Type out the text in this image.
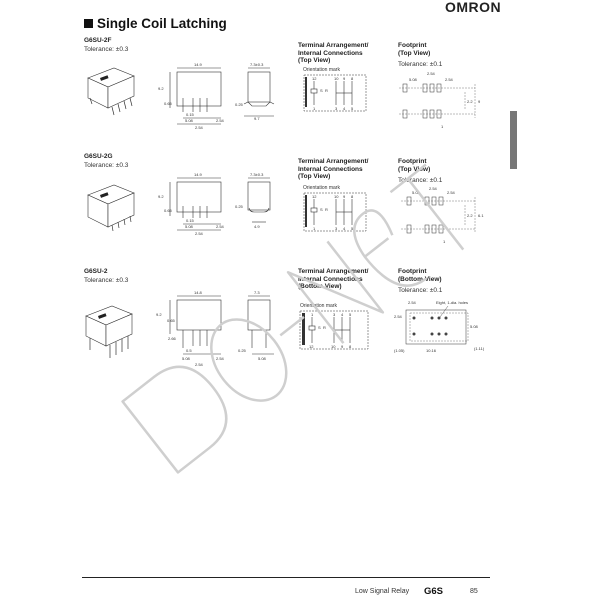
OMRON
Single Coil Latching
G6SU-2F
Tolerance: ±0.3
14.9
9.2
0.65
0.15
5.08
2.54
2.54
7.3±0.3
0.25
9.7
Terminal Arrangement/
Internal Connections
(Top View)
Orientation mark
12	10 9 8
1	3 4 5
S R
Footprint
(Top View)
Tolerance: ±0.1
5.08
2.54
2.54
2.2 9
1
G6SU-2G
Tolerance: ±0.3
14.9
9.2
0.65
0.15
5.08
2.54
2.54
7.3±0.3
0.25
4.9
Terminal Arrangement/
Internal Connections
(Top View)
Orientation mark
12	10 9 8
1	3 4 5
S R
Footprint
(Top View)
Tolerance: ±0.1
5.08
2.54
2.54
2.2 6.1
1
G6SU-2
Tolerance: ±0.3
14.8
9.2
0.65
2.66
0.5
5.08
2.54
2.54
7.3
0.25
5.08
Terminal Arrangement/
Internal Connections
(Bottom View)
Orientation mark
1	3 4 5
12	10 9 8
S R
Footprint
(Bottom View)
Tolerance: ±0.1
Eight, 1-dia. holes
2.54
2.54
5.08
(1.05)	10.16	(1.11)
Low Signal Relay G6S	85
